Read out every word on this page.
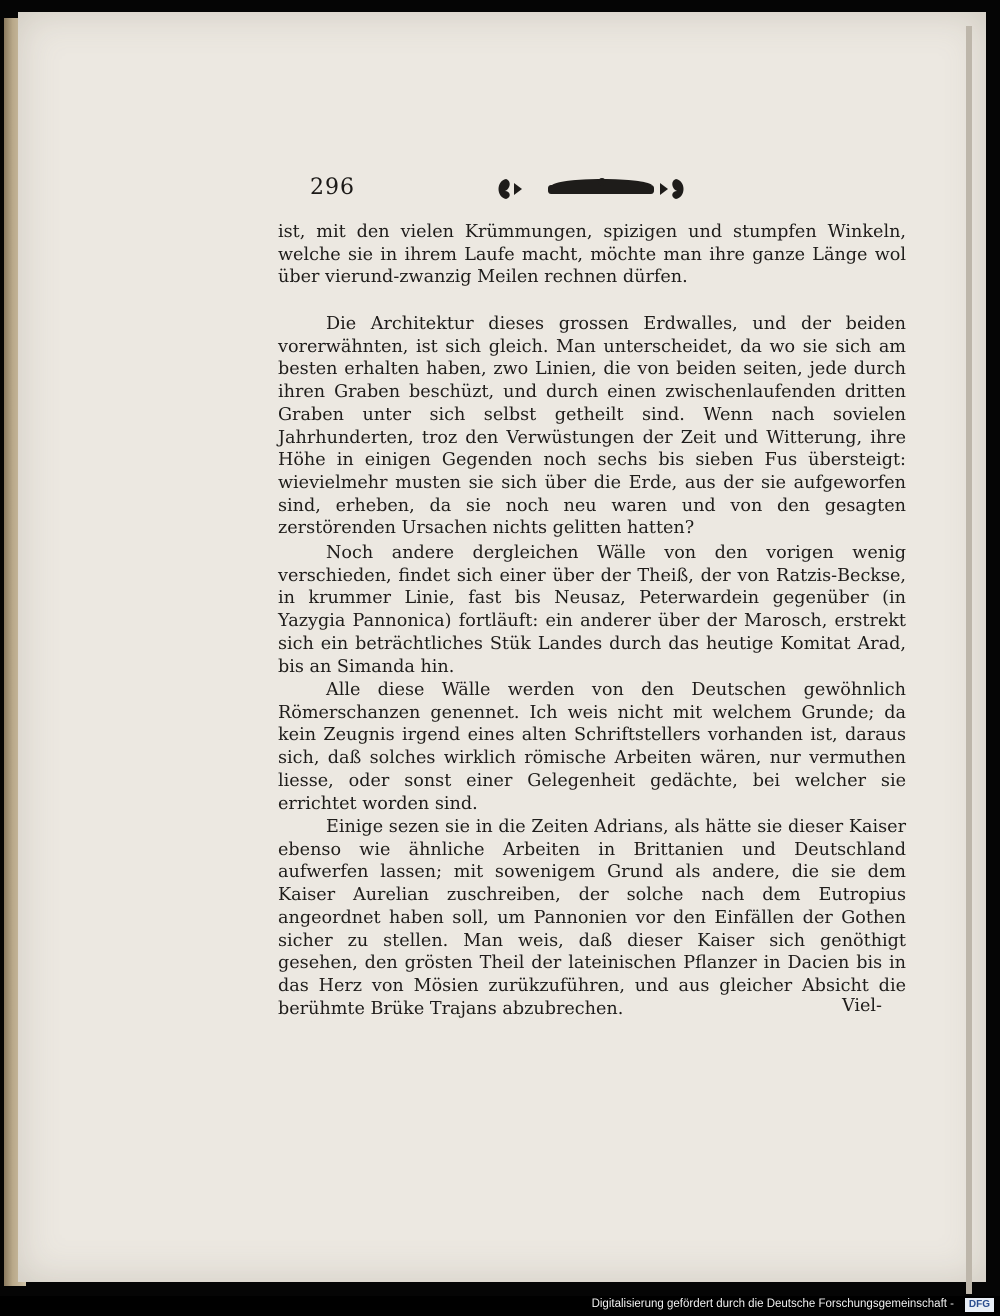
296

ist, mit den vielen Krümmungen, spizigen und stumpfen Winkeln, welche sie in ihrem Laufe macht, möchte man ihre ganze Länge wol über vierund-zwanzig Meilen rechnen dürfen.

Die Architektur dieses grossen Erdwalles, und der beiden vorerwähnten, ist sich gleich. Man unterscheidet, da wo sie sich am besten erhalten haben, zwo Linien, die von beiden seiten, jede durch ihren Graben beschüzt, und durch einen zwischenlaufenden dritten Graben unter sich selbst getheilt sind. Wenn nach sovielen Jahrhunderten, troz den Verwüstungen der Zeit und Witterung, ihre Höhe in einigen Gegenden noch sechs bis sieben Fus übersteigt: wievielmehr musten sie sich über die Erde, aus der sie aufgeworfen sind, erheben, da sie noch neu waren und von den gesagten zerstörenden Ursachen nichts gelitten hatten?

Noch andere dergleichen Wälle von den vorigen wenig verschieden, findet sich einer über der Theiß, der von Ratzis-Beckse, in krummer Linie, fast bis Neusaz, Peterwardein gegenüber (in Yazygia Pannonica) fortläuft: ein anderer über der Marosch, erstrekt sich ein beträchtliches Stük Landes durch das heutige Komitat Arad, bis an Simanda hin.

Alle diese Wälle werden von den Deutschen gewöhnlich Römerschanzen genennet. Ich weis nicht mit welchem Grunde; da kein Zeugnis irgend eines alten Schriftstellers vorhanden ist, daraus sich, daß solches wirklich römische Arbeiten wären, nur vermuthen liesse, oder sonst einer Gelegenheit gedächte, bei welcher sie errichtet worden sind.

Einige sezen sie in die Zeiten Adrians, als hätte sie dieser Kaiser ebenso wie ähnliche Arbeiten in Brittanien und Deutschland aufwerfen lassen; mit sowenigem Grund als andere, die sie dem Kaiser Aurelian zuschreiben, der solche nach dem Eutropius angeordnet haben soll, um Pannonien vor den Einfällen der Gothen sicher zu stellen. Man weis, daß dieser Kaiser sich genöthigt gesehen, den grösten Theil der lateinischen Pflanzer in Dacien bis in das Herz von Mösien zurükzuführen, und aus gleicher Absicht die berühmte Brüke Trajans abzubrechen.	Viel-
Digitalisierung gefördert durch die Deutsche Forschungsgemeinschaft -	DFG
